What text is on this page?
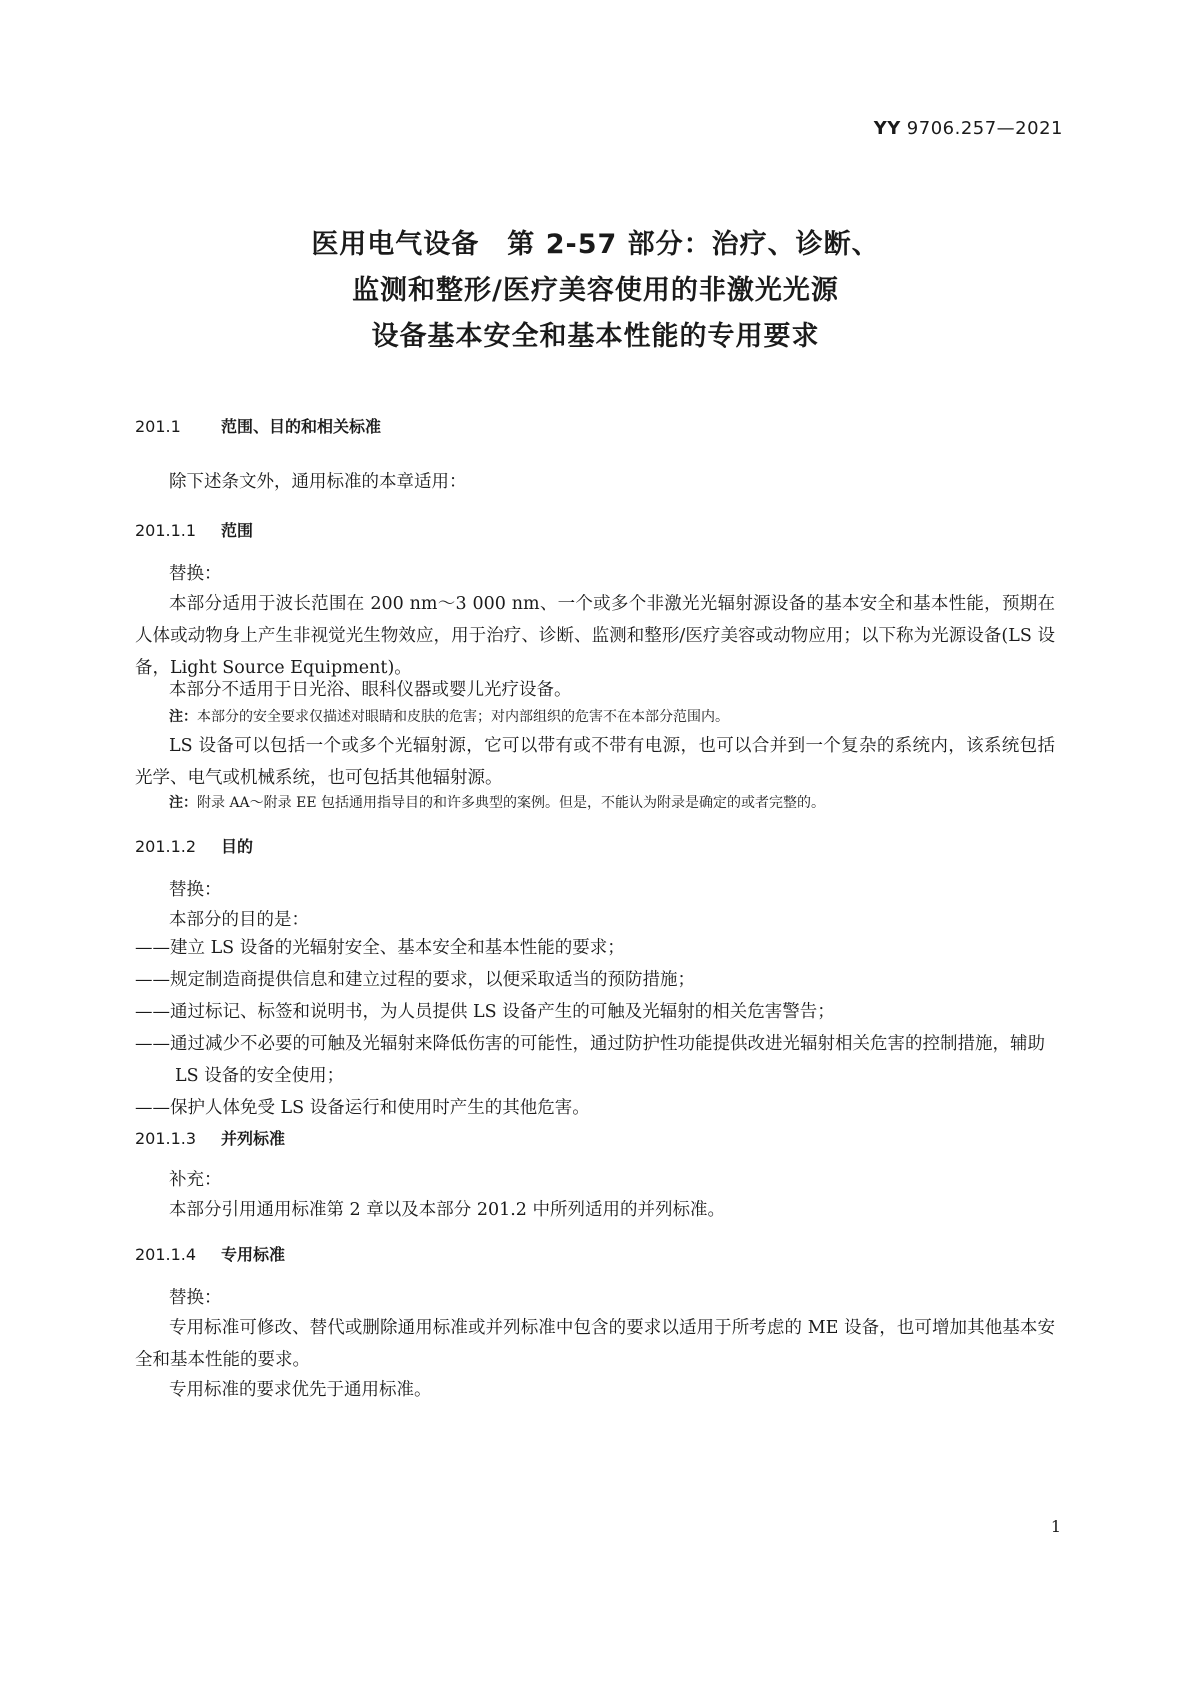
YY 9706.257—2021
医用电气设备　第 2-57 部分：治疗、诊断、
监测和整形/医疗美容使用的非激光光源
设备基本安全和基本性能的专用要求
201.1	范围、目的和相关标准
除下述条文外，通用标准的本章适用：
201.1.1 范围
替换：
本部分适用于波长范围在 200 nm～3 000 nm、一个或多个非激光光辐射源设备的基本安全和基本性能，预期在人体或动物身上产生非视觉光生物效应，用于治疗、诊断、监测和整形/医疗美容或动物应用；以下称为光源设备(LS 设备，Light Source Equipment)。
本部分不适用于日光浴、眼科仪器或婴儿光疗设备。
注：本部分的安全要求仅描述对眼睛和皮肤的危害；对内部组织的危害不在本部分范围内。
LS 设备可以包括一个或多个光辐射源，它可以带有或不带有电源，也可以合并到一个复杂的系统内，该系统包括光学、电气或机械系统，也可包括其他辐射源。
注：附录 AA～附录 EE 包括通用指导目的和许多典型的案例。但是，不能认为附录是确定的或者完整的。
201.1.2 目的
替换：
本部分的目的是：
——建立 LS 设备的光辐射安全、基本安全和基本性能的要求；
——规定制造商提供信息和建立过程的要求，以便采取适当的预防措施；
——通过标记、标签和说明书，为人员提供 LS 设备产生的可触及光辐射的相关危害警告；
——通过减少不必要的可触及光辐射来降低伤害的可能性，通过防护性功能提供改进光辐射相关危害的控制措施，辅助 LS 设备的安全使用；
——保护人体免受 LS 设备运行和使用时产生的其他危害。
201.1.3 并列标准
补充：
本部分引用通用标准第 2 章以及本部分 201.2 中所列适用的并列标准。
201.1.4 专用标准
替换：
专用标准可修改、替代或删除通用标准或并列标准中包含的要求以适用于所考虑的 ME 设备，也可增加其他基本安全和基本性能的要求。
专用标准的要求优先于通用标准。
1
